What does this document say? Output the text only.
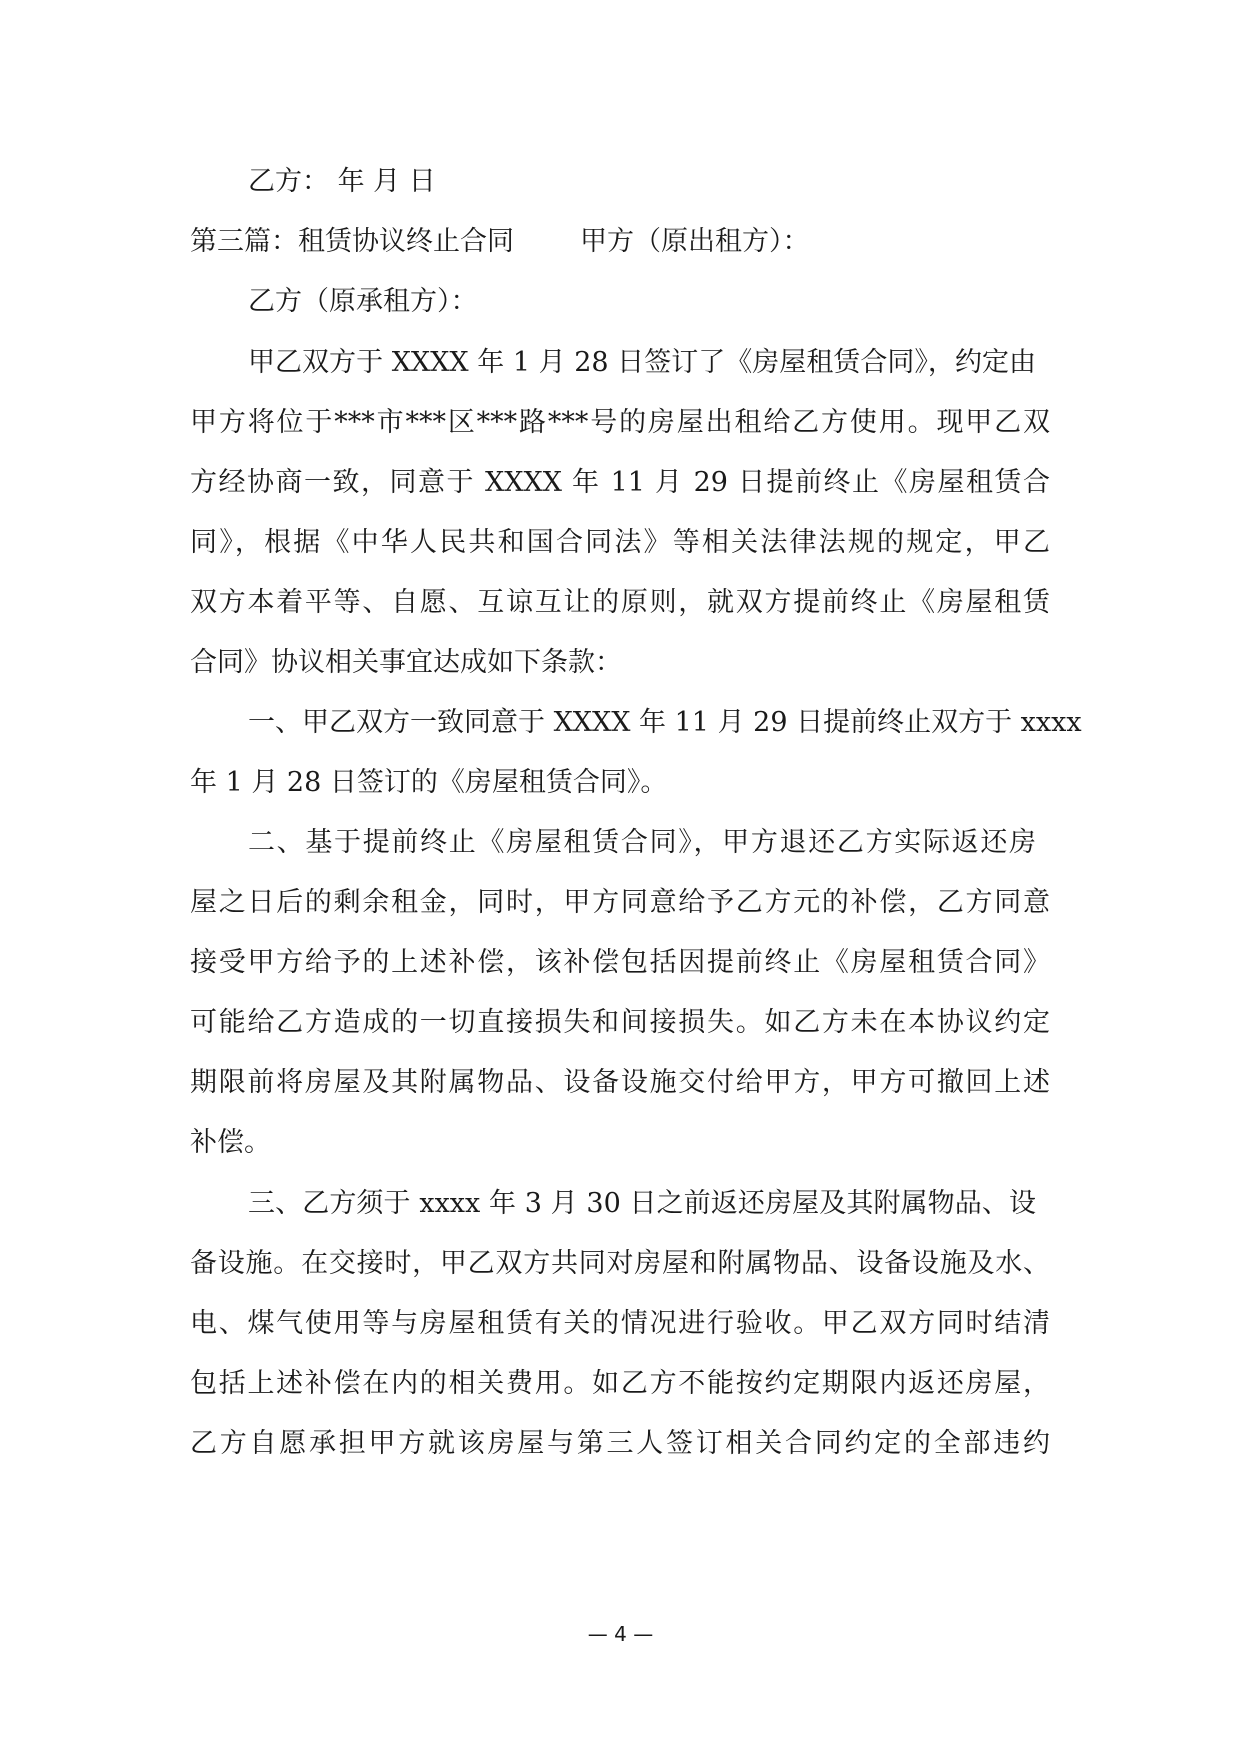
乙方： 年 月 日
第三篇：租赁协议终止合同 甲方（原出租方）：
乙方（原承租方）：
甲乙双方于 XXXX 年 1 月 28 日签订了《房屋租赁合同》，约定由
甲方将位于***市***区***路***号的房屋出租给乙方使用。现甲乙双
方经协商一致，同意于 XXXX 年 11 月 29 日提前终止《房屋租赁合
同》，根据《中华人民共和国合同法》等相关法律法规的规定，甲乙
双方本着平等、自愿、互谅互让的原则，就双方提前终止《房屋租赁
合同》协议相关事宜达成如下条款：
一、甲乙双方一致同意于 XXXX 年 11 月 29 日提前终止双方于 xxxx
年 1 月 28 日签订的《房屋租赁合同》。
二、基于提前终止《房屋租赁合同》，甲方退还乙方实际返还房
屋之日后的剩余租金，同时，甲方同意给予乙方元的补偿，乙方同意
接受甲方给予的上述补偿，该补偿包括因提前终止《房屋租赁合同》
可能给乙方造成的一切直接损失和间接损失。如乙方未在本协议约定
期限前将房屋及其附属物品、设备设施交付给甲方，甲方可撤回上述
补偿。
三、乙方须于 xxxx 年 3 月 30 日之前返还房屋及其附属物品、设
备设施。在交接时，甲乙双方共同对房屋和附属物品、设备设施及水、
电、煤气使用等与房屋租赁有关的情况进行验收。甲乙双方同时结清
包括上述补偿在内的相关费用。如乙方不能按约定期限内返还房屋，
乙方自愿承担甲方就该房屋与第三人签订相关合同约定的全部违约
— 4 —
